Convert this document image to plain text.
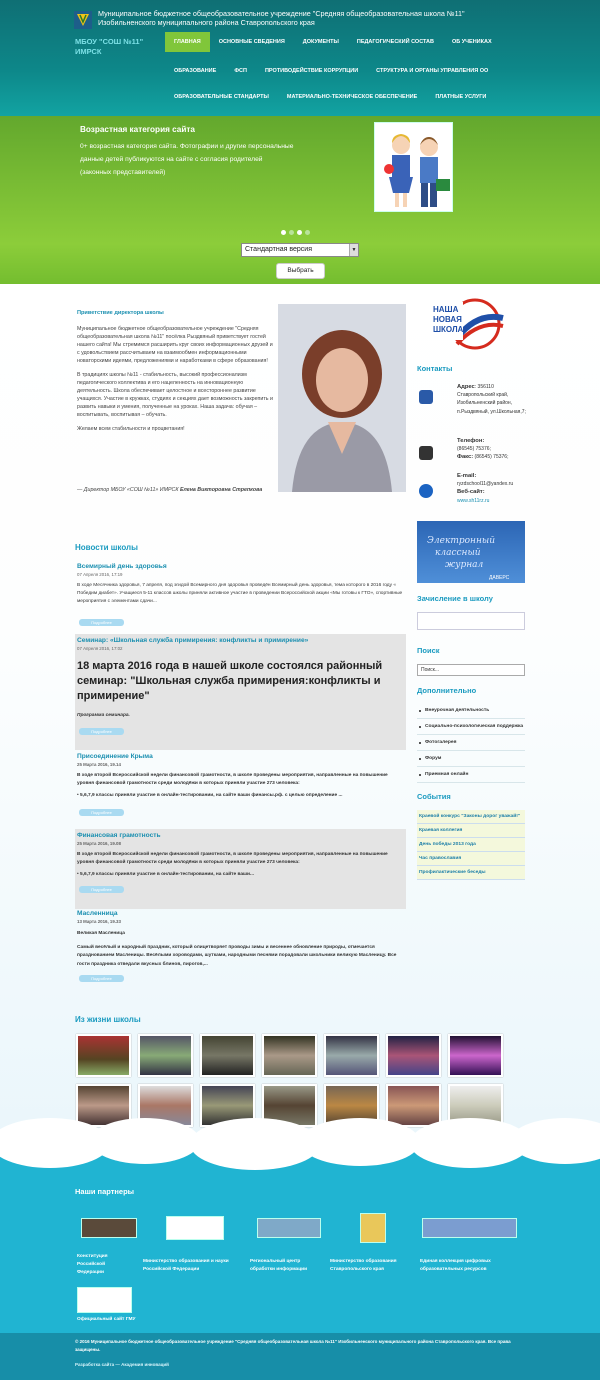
Муниципальное бюджетное общеобразовательное учреждение "Средняя общеобразовательная школа №11" Изобильненского муниципального района Ставропольского края
МБОУ "СОШ №11" ИМРСК
ГЛАВНАЯ	ОСНОВНЫЕ СВЕДЕНИЯ	ДОКУМЕНТЫ	ПЕДАГОГИЧЕСКИЙ СОСТАВ	ОБ УЧЕНИКАХ
ОБРАЗОВАНИЕ	ФСП	ПРОТИВОДЕЙСТВИЕ КОРРУПЦИИ	СТРУКТУРА И ОРГАНЫ УПРАВЛЕНИЯ ОО
ОБРАЗОВАТЕЛЬНЫЕ СТАНДАРТЫ	МАТЕРИАЛЬНО-ТЕХНИЧЕСКОЕ ОБЕСПЕЧЕНИЕ	ПЛАТНЫЕ УСЛУГИ
Возрастная категория сайта
0+ возрастная категория сайта. Фотографии и другие персональные данные детей публикуются на сайте с согласия родителей (законных представителей)
Стандартная версия	▼
Выбрать
Приветствие директора школы

Муниципальное бюджетное общеобразовательное учреждение "Средняя общеобразовательная школа №11" посёлка Рыздвяный приветствует гостей нашего сайта! Мы стремимся расширить круг своих информационных друзей и с удовольствием рассчитываем на взаимообмен информационными новаторскими идеями, предложениями и наработками в сфере образования!

В традициях школы №11 - стабильность, высокий профессионализм педагогического коллектива и его нацеленность на инновационную деятельность. Школа обеспечивает целостное и всестороннее развитие учащихся. Участие в кружках, студиях и секциях дает возможность закрепить и развить навыки и умения, полученные на уроках. Наша задача: обучая – воспитывать, воспитывая – обучать.

Желаем всем стабильности и процветания!

— Директор МБОУ «СОШ №11» ИМРСК Елена Викторовна Стрепкова
Новости школы
Всемирный день здоровья
07 Апреля 2016, 17:19
В ходе Месячника здоровья, 7 апреля, под эгидой Всемирного дня здоровья проведён Всемирный день здоровья, тема которого в 2016 году « Победим диабет». Учащиеся 5-11 классов школы приняли активное участие в проведении Всероссийской акции «Мы готовы к ГТО», спортивные мероприятия с элементами сдачи...
Подробнее
Семинар: «Школьная служба примирения: конфликты и примирение»
07 Апреля 2016, 17:02
18 марта 2016 года в нашей школе состоялся районный семинар: "Школьная служба примирения:конфликты и примирение"
Программа семинара.
Подробнее
Присоединение Крыма
25 Марта 2016, 19.14
В ходе второй Всероссийской недели финансовой грамотности, в школе проведены мероприятия, направленные на повышение уровня финансовой грамотности среди молодёжи в которых приняли участие 273 человека:
• 5,6,7,9 классы приняли участие в онлайн-тестировании, на сайте ваши финансы.рф. с целью определение ...
Подробнее
Финансовая грамотность
25 Марта 2016, 19.08
В ходе второй Всероссийской недели финансовой грамотности, в школе проведены мероприятия, направленные на повышение уровня финансовой грамотности среди молодёжи в которых приняли участие 273 человека:
• 5,6,7,9 классы приняли участие в онлайн-тестировании, на сайте ваши...
Подробнее
Масленница
13 Марта 2016, 19.33
Великая Масленица
Самый весёлый и народный праздник, который олицетворяет проводы зимы и весеннее обновление природы, отмечается празднованием Масленицы. Весёлыми хороводами, шутками, народными песнями порадовали школьники великую Масленицу. Все гости праздника отведали вкусных блинов, пирогов,...
Подробнее
НАША
НОВАЯ
ШКОЛА
Контакты
Адрес: 356110 Ставропольский край, Изобильненский район, п.Рыздвяный, ул.Школьная,7;
Телефон:
(86545) 75376;
Факс: (86545) 75376;
E-mail:
ryzdschool11@yandex.ru
Веб-сайт:
www.sh11rz.ru
Электронный
классный
журнал
ДАВЕРС
Зачисление в школу
Поиск
Поиск...
Дополнительно
Внеурочная деятельность
Социально-психологическая поддержка
Фотогалерея
Форум
Приемная онлайн
События
Краевой конкурс "Законы дорог уважай!"
Краевая коллегия
День победы 2013 года
Час православия
Профилактические беседы
Из жизни школы
Наши партнеры
Конституция Российской Федерации
Министерство образования и науки Российской Федерации
Региональный центр обработки информации
Министерство образования Ставропольского края
Единая коллекция цифровых образовательных ресурсов
Официальный сайт ГМУ
© 2016 Муниципальное бюджетное общеобразовательное учреждение "Средняя общеобразовательная школа №11" Изобильненского муниципального района Ставропольского края. Все права защищены.
Разработка сайта — Академия инноваций
